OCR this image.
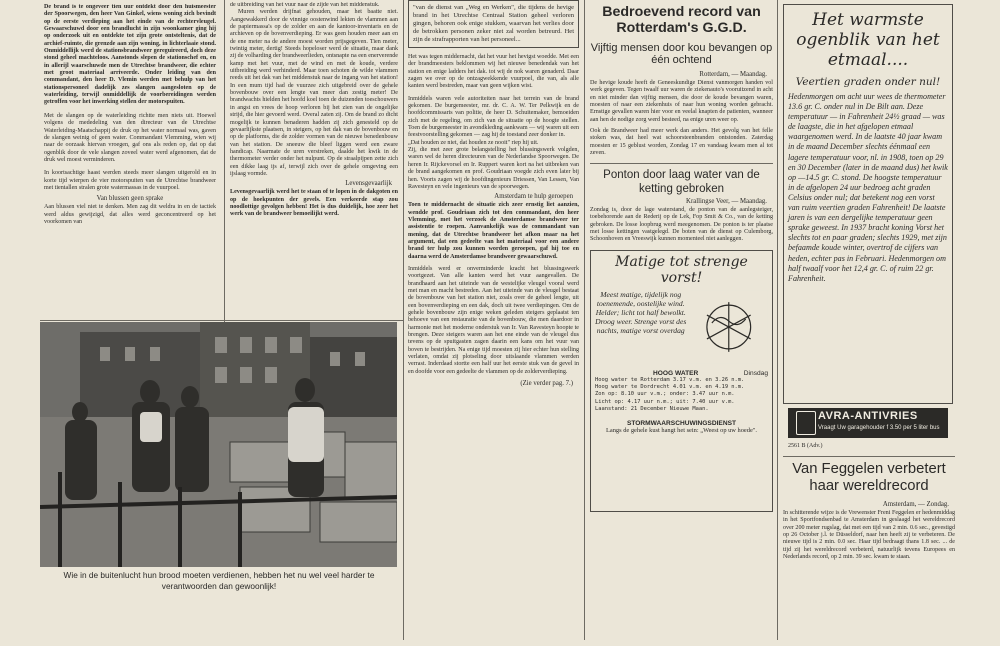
De brand is te ongeveer tien uur ontdekt door den huismeester der Spoorwegen, den heer Van Ginkel, wiens woning zich bevindt op de eerste verdieping aan het einde van de rechtervleugel. Gewaarschuwd door een brandlucht in zijn woonkamer ging hij op onderzoek uit en ontdekte tot zijn grote ontsteltenis, dat de archief-ruimte, die grenzde aan zijn woning, in lichterlaaie stond. Onmiddellijk werd de stationsbrandweer gereguireerd, doch deze stond geheel machteloos. Aanstonds slepen de stationschef en, en in allerijl waarschuwde men de Utrechtse brandweer, die echter met groot materiaal arriveerde. Onder leiding van den commandant, den heer D. Vlemin werden met behulp van het stationspersoneel dadelijk zes slangen aangesloten op de waterleiding, terwijl onmiddellijk de voorbereidingen werden getroffen voor het inwerking stellen der motorspuiten.

Met de slangen op de waterleiding richtte men niets uit. Hoewel volgens de mededeling van den directeur van de Utrechtse Waterleiding-Maatschappij de druk op het water normaal was, gaven de slangen weinig of geen water. Commandant Vlemming, wien wij naar de oorzaak hiervan vroegen, gaf ons als reden op, dat op dat ogenblik door de vele slangen zoveel water werd afgenomen, dat de druk wel moest verminderen.

In koortsachtige haast werden steeds meer slangen uitgerold en in korte tijd wierpen de vier motorspuiten van de Utrechtse brandweer met tientallen stralen grote watermassas in de vuurpoel.

Van blussen geen sprake

Aan blussen viel niet te denken. Men zag dit weldra in en de tactiek werd aldus gewijzigd, dat alles werd geconcentreerd op het voorkomen van

de uitbreiding van het vuur naar de zijde van het middenstuk.

Muren werden drijfnat gehouden, maar het baatte niet. Aangewakkerd door de vinnige oostenwind lekten de vlammen aan de papiermassa's op de zolder en aan de kantoor-inventaris en de archieven op de bovenverdieping. Er was geen houden meer aan en de ene meter na de andere moest worden prijsgegeven. Tien meter, twintig meter, dertig! Steeds hopeloser werd de situatie, maar dank zij de volharding der brandweerlieden, ontsnapte na een enerverende kamp met het vuur, met de wind en met de koude, verdere uitbreiding werd verhinderd. Maar toen schoten de wilde vlammen reeds uit het dak van het middenstuk naar de ingang van het station! In een mum tijd had de vuurzee zich uitgebreid over de gehele bovenbouw over een lengte van meer dan zestig meter! De brandwachts hielden het hoofd koel toen de duizenden toeschouwers in angst en vrees de hoop verloren bij het zien van de ongelijke strijd, die hier gevoerd werd. Overal zaten zij. Om de brand zo dicht mogelijk te kunnen benaderen hadden zij zich genesteld op de gevaarlijkste plaatsen, in steigers, op het dak van de bovenbouw en op de platforms, die de zolder vormen van de nieuwe benedenbouw van het station. De sneeuw die bleef liggen werd een zware handicap. Naarmate de uren verstreken, daalde het kwik in de thermometer verder onder het nulpunt. Op de straalpijpen zette zich een dikke laag ijs af, terwijl zich over de gehele omgeving een ijslaag vormde.

Levensgevaarlijk

Levensgevaarlijk werd het te staan of te lopen in de dakgoten en op de hoekpunten der gevels. Een verkeerde stap zou noodlottige gevolgen hebben! Het is dus duidelijk, hoe zeer het werk van de brandweer bemoeilijkt werd.

Wie in de buitenlucht hun brood moeten verdienen, hebben het nu wel veel harder te verantwoorden dan gewoonlijk!

"van de dienst van „Weg en Werken", die tijdens de hevige brand in het Utrechtse Centraal Station geheel verloren gingen, behoren ook enige stukken, waarvan het verlies door de betrokken personen zeker niet zal worden betreurd. Het zijn de strafrapporten van het personeel...

Het was tegen middernacht, dat het vuur het hevigst woedde. Met een der brandmeesters beklommen wij het nieuwe benedendak van het station en enige ladders het dak. tot wij de nok waren genaderd. Daar zagen we over op de ontzagwekkende vuurpoel, die van, als alle kanten werd bestreden, maar van geen wijken wist.

Inmiddels waren vele autoriteiten naar het terrein van de brand gekomen. De burgemeester, mr. dr. C. A. W. Ter Pelkwijk en de hoofdcommissaris van politie, de heer D. Schuitemaker, bemoeiden zich met de regeling, om zich van de situatie op de hoogte stellen. Toen de burgemeester in avondkleding aankwam — wij waren uit een feestvoorstelling gekomen — zag hij de toestand zeer donker in.

„Dat houden ze niet, dat houden ze nooit" riep hij uit.

Zij, die met zeer grote belangstelling het blussingswerk volgden, waren wel de heren directeuren van de Nederlandse Spoorwegen. De heren Ir. Rijckevorsel en Ir. Ruppert waren kort na het uitbreken van de brand aangekomen en prof. Goudriaan voegde zich even later bij hen. Voorts zagen wij de hoofdingenieurs Driessen, Van Lessen, Van Ravesteyn en vele ingenieurs van de spoorwegen.

Amsterdam te hulp geroepen

Toen te middernacht de situatie zich zeer ernstig liet aanzien, wendde prof. Goudriaan zich tot den commandant, den heer Vlemming, met het verzoek de Amsterdamse brandweer ter assistentie te roepen. Aanvankelijk was de commandant van mening, dat de Utrechtse brandweer het afkon maar na het argument, dat een gedeelte van het materiaal voor een andere brand ter hulp zou kunnen worden geroepen, gaf hij toe en daarna werd de Amsterdamse brandweer gewaarschuwd.

Inmiddels werd er onverminderde kracht het blussingswerk voortgezet. Van alle kanten werd het vuur aangevallen. De brandhaard aan het uiteinde van de westelijke vleugel vooral werd met man en macht bestreden. Aan het uiteinde van de vleugel bestaat de bovenbouw van het station niet, zoals over de geheel lengte, uit een bovenverdieping en een dak, doch uit twee verdiepingen. Om de gehele bovenbouw zijn enige weken geleden steigers geplaatst ten behoeve van een restauratie van de bovenbouw, die men daardoor in harmonie met het moderne onderstuk van Ir. Van Ravesteyn hoopte te brengen. Deze steigers waren aan het ene einde van de vleugel dus tevens op de spuitgasten zagen daarin een kans om het vuur van boven te bestrijden. Na enige tijd moesten zij hier echter hun stelling verlaten, omdat zij plotseling door uitslaande vlammen werden verrast. Inderdaad stortte een half uur het eerste stuk van de gevel in en doofde voor een gedeelte de vlammen op de zolderverdieping.

(Zie verder pag. 7.)

Bedroevend record van Rotterdam's G.G.D.
Vijftig mensen door kou bevangen op één ochtend
Rotterdam, — Maandag.

De hevige koude heeft de Geneeskundige Dienst vanmorgen handen vol werk gegeven. Tegen twaalf uur waren de ziekenauto's vooruitzend in acht en niet minder dan vijftig mensen, die door de koude bevangen waren, moesten of naar een ziekenhuis of naar hun woning worden gebracht. Ernstige gevallen waren hier voor en veelal knapten de patienten, wanneer aan hen de nodige zorg werd besteed, na enige uren weer op.

Ook de Brandweer had meer werk dan anders. Het gevolg van het felle stoken was, dat heel wat schoorsteenbranden ontstonden. Zaterdag moesten er 15 geblust worden, Zondag 17 en vandaag kwam men al tot zeven.

Ponton door laag water van de ketting gebroken
Krallingse Veer, — Maandag.

Zondag is, door de lage waterstand, de ponton van de aanlegsteiger, toebehorende aan de Rederij op de Lek, Fop Smit & Co., van de ketting gebroken. De losse loopbrug werd meegenomen. De ponton is ter plaatse met losse kettingen vastgelegd. De boten van de dienst op Culemborg, Schoonhoven en Vreeswijk kunnen momenteel niet aanleggen.

Matige tot strenge vorst!

Meest matige, tijdelijk nog toenemende, oostelijke wind. Helder; licht tot half bewolkt. Droog weer. Strenge vorst des nachts, matige vorst overdag

HOOG WATER	Dinsdag

Hoog water te Rotterdam 3.17 v.m. en 3.26 n.m.

Hoog water te Dordrecht 4.01 v.m. en 4.19 n.m.

Zon op: 8.10 uur v.m.; onder: 3.47 uur n.m.

Licht op: 4.17 uur n.m.; uit: 7.40 uur v.m.

Laanstand: 21 December Nieuwe Maan.

STORMWAARSCHUWINGSDIENST

Langs de gehele kust hangt het sein: „Weest op uw hoede".

Het warmste ogenblik van het etmaal....
Veertien graden onder nul!

Hedenmorgen om acht uur wees de thermometer 13.6 gr. C. onder nul in De Bilt aan. Deze temperatuur — in Fahrenheit 24½ graad — was de laagste, die in het afgelopen etmaal waargenomen werd. In de laatste 40 jaar kwam in de maand December slechts éénmaal een lagere temperatuur voor, nl. in 1908, toen op 29 en 30 December (later in de maand dus) het kwik op —14.5 gr. C. stond. De hoogste temperatuur in de afgelopen 24 uur bedroeg acht graden Celsius onder nul; dat betekent nog een vorst van ruim veertien graden Fahrenheit! De laatste jaren is van een dergelijke temperatuur geen sprake geweest. In 1937 bracht koning Vorst het slechts tot en paar graden; slechts 1929, met zijn befaamde koude winter, overtrof de cijfers van heden, echter pas in Februari. Hedenmorgen om half twaalf voor het 12,4 gr. C. of ruim 22 gr. Fahrenheit.

AVRA-ANTIVRIES
Vraagt Uw garagehouder f 3.50 per 5 liter bus
2561 B (Adv.)
Van Feggelen verbetert haar wereldrecord
Amsterdam, — Zondag.

In schitterende wijze is de Vrewenster Freni Feggelen er hedenmiddag in het Sportfondsenbad te Amsterdam in geslaagd het wereldrecord over 200 meter rugslag, dat met een tijd van 2 min. 0.6 sec., gevestigd op 26 October j.l. te Düsseldorf, naar hen heeft zij te verbeteren. De nieuwe tijd is 2 min. 0.0 sec. Haar tijd bedraagt thans 1.8 sec. ... de tijd zij het wereldrecord verbeterd, natuurlijk tevens Europees en Nederlands record, op 2 min. 39 sec. kwam te staan.
